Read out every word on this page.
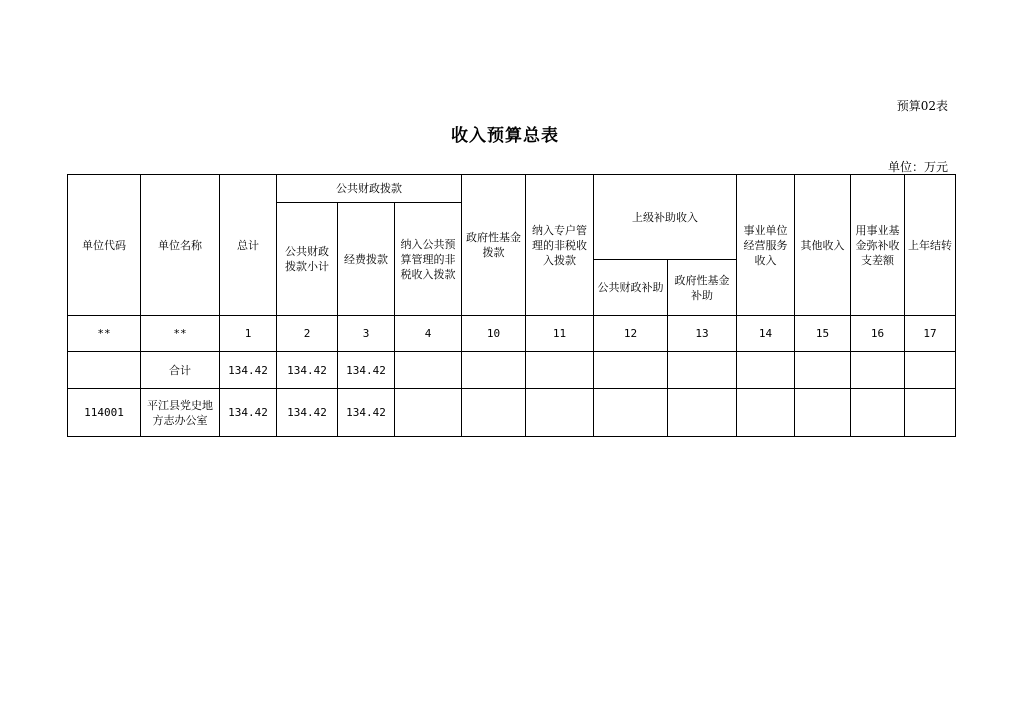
预算02表
收入预算总表
单位：万元
单位代码	单位名称	总计	公共财政拨款			政府性基金拨款	纳入专户管理的非税收入拨款	上级补助收入		事业单位经营服务收入	其他收入	用事业基金弥补收支差额	上年结转
			公共财政拨款小计	经费拨款	纳入公共预算管理的非税收入拨款								
								公共财政补助	政府性基金补助				
**	**	1	2	3	4	10	11	12	13	14	15	16	17
	合计	134.42	134.42	134.42									
114001	平江县党史地方志办公室	134.42	134.42	134.42									
